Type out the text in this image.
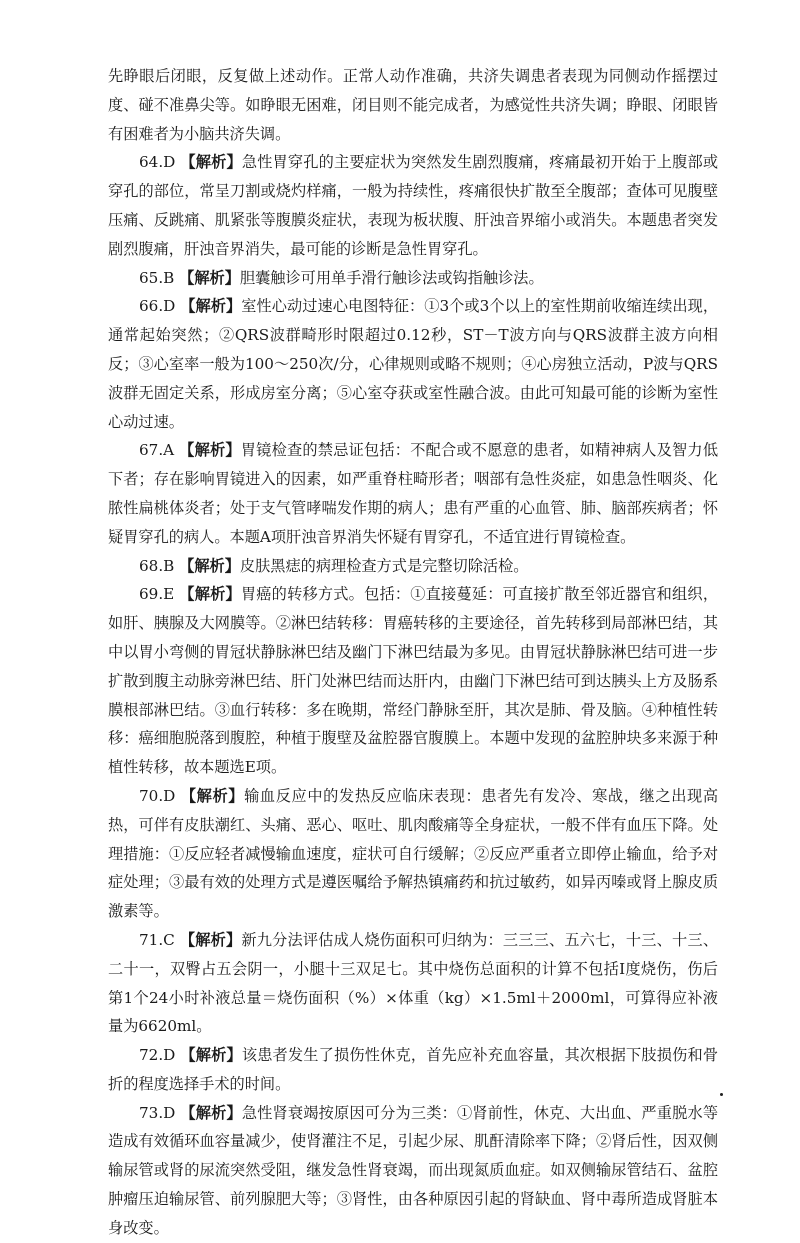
先睁眼后闭眼，反复做上述动作。正常人动作准确，共济失调患者表现为同侧动作摇摆过度、碰不准鼻尖等。如睁眼无困难，闭目则不能完成者，为感觉性共济失调；睁眼、闭眼皆有困难者为小脑共济失调。

64.D 【解析】急性胃穿孔的主要症状为突然发生剧烈腹痛，疼痛最初开始于上腹部或穿孔的部位，常呈刀割或烧灼样痛，一般为持续性，疼痛很快扩散至全腹部；查体可见腹壁压痛、反跳痛、肌紧张等腹膜炎症状，表现为板状腹、肝浊音界缩小或消失。本题患者突发剧烈腹痛，肝浊音界消失，最可能的诊断是急性胃穿孔。

65.B 【解析】胆囊触诊可用单手滑行触诊法或钩指触诊法。

66.D 【解析】室性心动过速心电图特征：①3个或3个以上的室性期前收缩连续出现，通常起始突然；②QRS波群畸形时限超过0.12秒，ST－T波方向与QRS波群主波方向相反；③心室率一般为100～250次/分，心律规则或略不规则；④心房独立活动，P波与QRS波群无固定关系，形成房室分离；⑤心室夺获或室性融合波。由此可知最可能的诊断为室性心动过速。

67.A 【解析】胃镜检查的禁忌证包括：不配合或不愿意的患者，如精神病人及智力低下者；存在影响胃镜进入的因素，如严重脊柱畸形者；咽部有急性炎症，如患急性咽炎、化脓性扁桃体炎者；处于支气管哮喘发作期的病人；患有严重的心血管、肺、脑部疾病者；怀疑胃穿孔的病人。本题A项肝浊音界消失怀疑有胃穿孔，不适宜进行胃镜检查。

68.B 【解析】皮肤黑痣的病理检查方式是完整切除活检。

69.E 【解析】胃癌的转移方式。包括：①直接蔓延：可直接扩散至邻近器官和组织，如肝、胰腺及大网膜等。②淋巴结转移：胃癌转移的主要途径，首先转移到局部淋巴结，其中以胃小弯侧的胃冠状静脉淋巴结及幽门下淋巴结最为多见。由胃冠状静脉淋巴结可进一步扩散到腹主动脉旁淋巴结、肝门处淋巴结而达肝内，由幽门下淋巴结可到达胰头上方及肠系膜根部淋巴结。③血行转移：多在晚期，常经门静脉至肝，其次是肺、骨及脑。④种植性转移：癌细胞脱落到腹腔，种植于腹壁及盆腔器官腹膜上。本题中发现的盆腔肿块多来源于种植性转移，故本题选E项。

70.D 【解析】输血反应中的发热反应临床表现：患者先有发冷、寒战，继之出现高热，可伴有皮肤潮红、头痛、恶心、呕吐、肌肉酸痛等全身症状，一般不伴有血压下降。处理措施：①反应轻者减慢输血速度，症状可自行缓解；②反应严重者立即停止输血，给予对症处理；③最有效的处理方式是遵医嘱给予解热镇痛药和抗过敏药，如异丙嗪或肾上腺皮质激素等。

71.C 【解析】新九分法评估成人烧伤面积可归纳为：三三三、五六七，十三、十三、二十一，双臀占五会阴一，小腿十三双足七。其中烧伤总面积的计算不包括Ⅰ度烧伤，伤后第1个24小时补液总量＝烧伤面积（%）×体重（kg）×1.5ml＋2000ml，可算得应补液量为6620ml。

72.D 【解析】该患者发生了损伤性休克，首先应补充血容量，其次根据下肢损伤和骨折的程度选择手术的时间。

73.D 【解析】急性肾衰竭按原因可分为三类：①肾前性，休克、大出血、严重脱水等造成有效循环血容量减少，使肾灌注不足，引起少尿、肌酐清除率下降；②肾后性，因双侧输尿管或肾的尿流突然受阻，继发急性肾衰竭，而出现氮质血症。如双侧输尿管结石、盆腔肿瘤压迫输尿管、前列腺肥大等；③肾性，由各种原因引起的肾缺血、肾中毒所造成肾脏本身改变。
